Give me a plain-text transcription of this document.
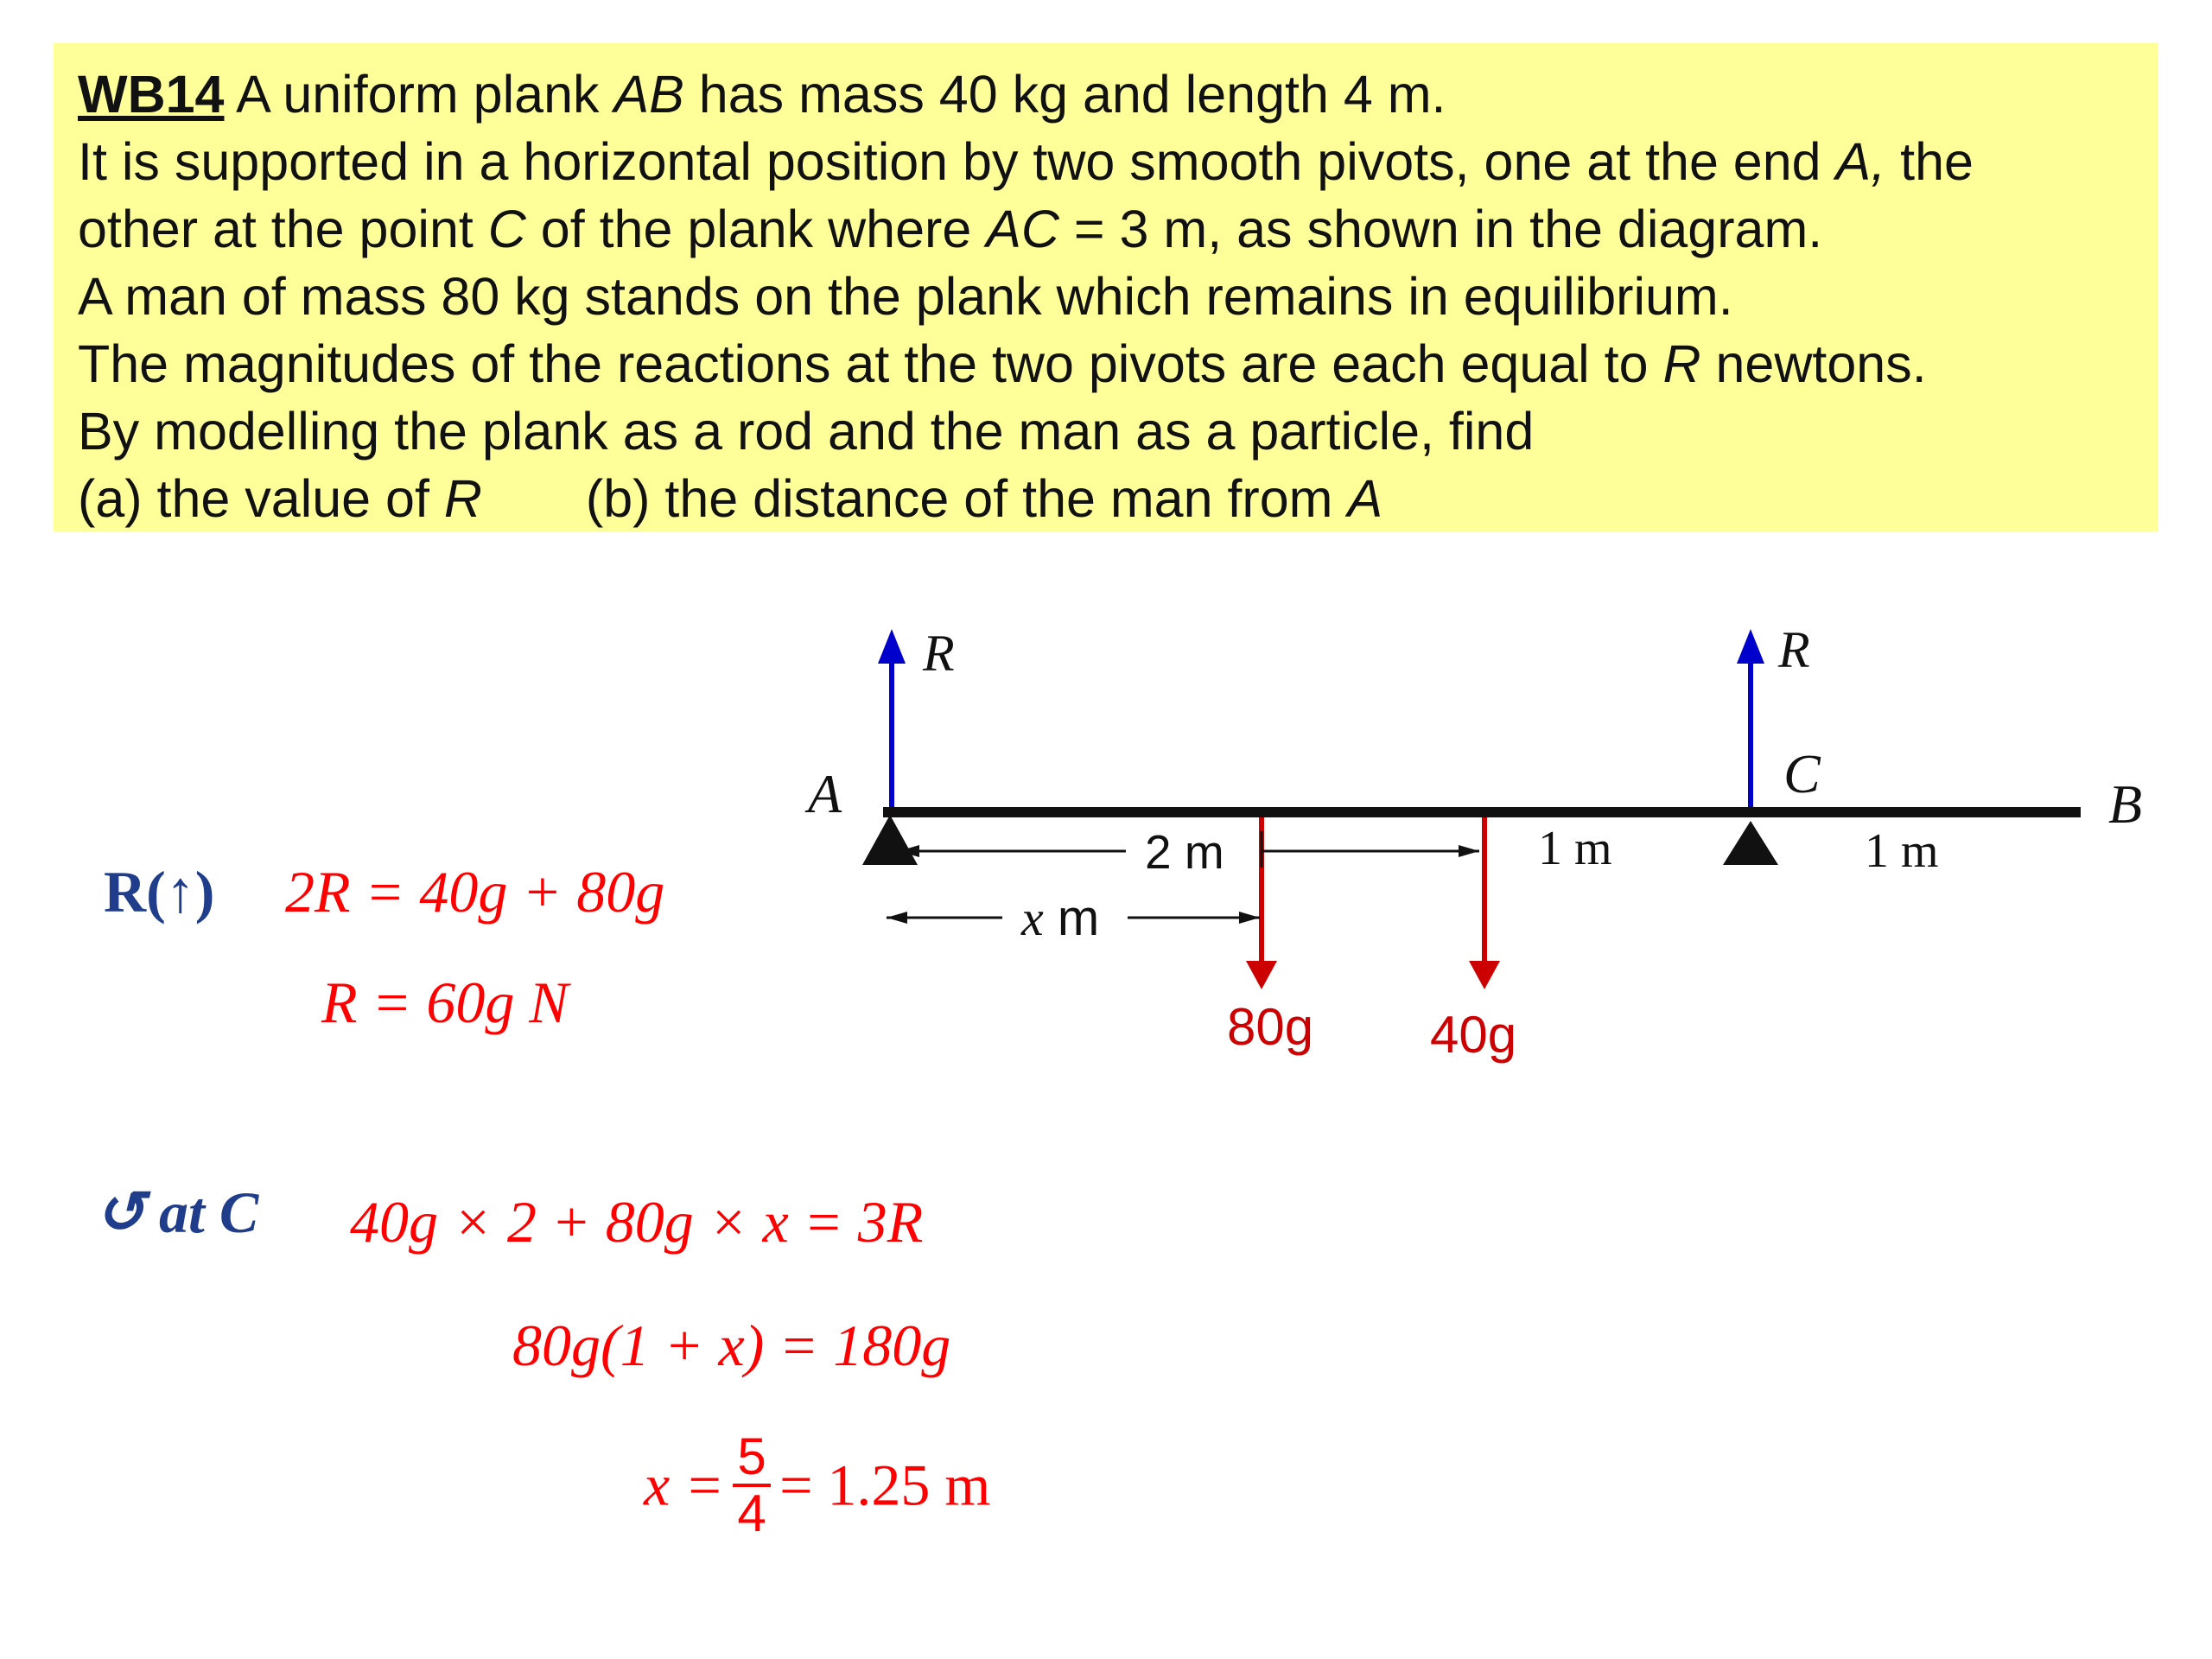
WB14 A uniform plank AB has mass 40 kg and length 4 m.
It is supported in a horizontal position by two smooth pivots, one at the end A, the
other at the point C of the plank where AC = 3 m, as shown in the diagram.
A man of mass 80 kg stands on the plank which remains in equilibrium.
The magnitudes of the reactions at the two pivots are each equal to R newtons.
By modelling the plank as a rod and the man as a particle, find
(a) the value of R (b) the distance of the man from A
A	B
C
R	R
2 m	1 m	1 m
x m
80g 40g
R(↑) 2R = 40g + 80g
R = 60g N
↺ at C 40g × 2 + 80g × x = 3R
80g(1 + x) = 180g
$x = \frac{5}{4} = 1.25$ m
